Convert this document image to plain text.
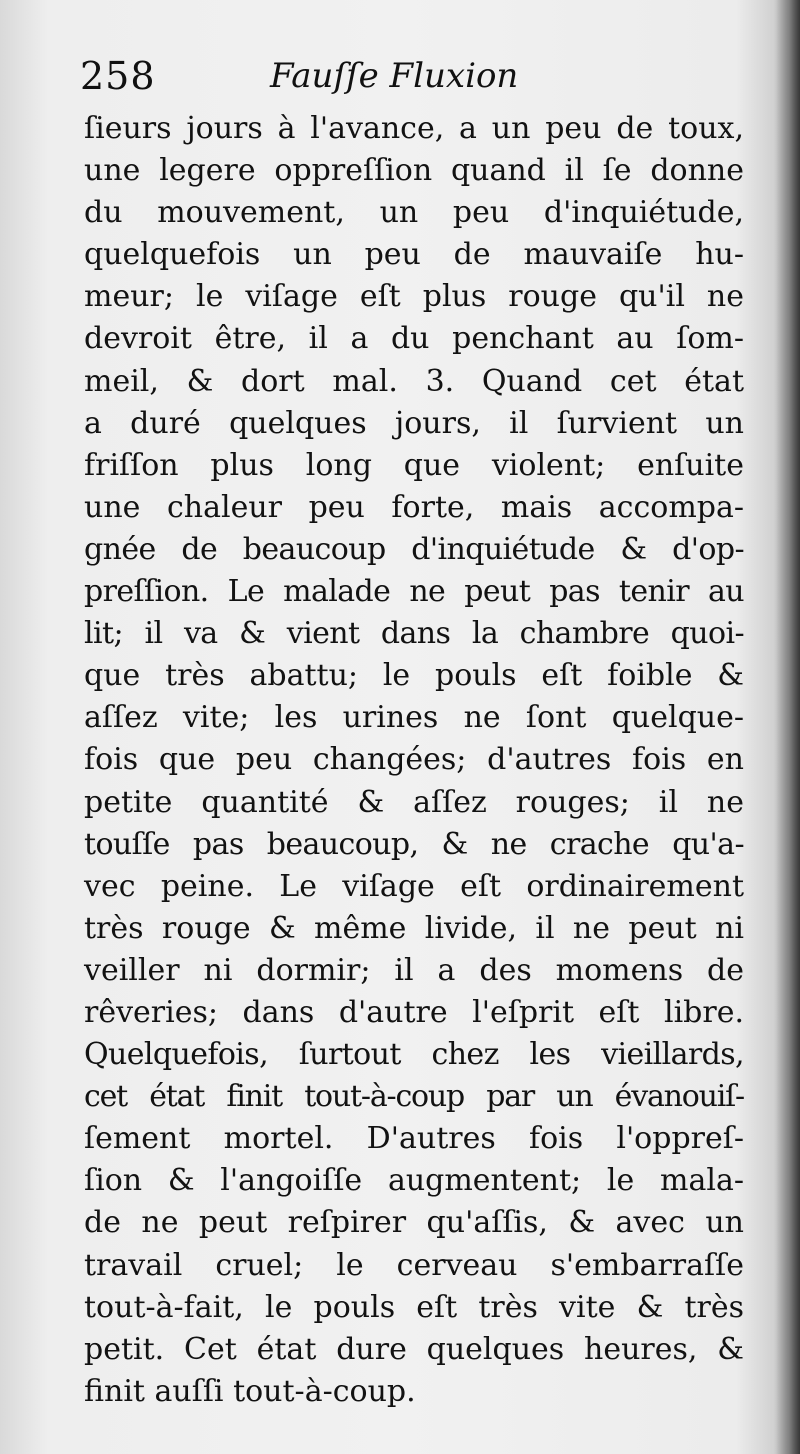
258	Fauſſe Fluxion
ſieurs jours à l'avance, a un peu de toux,
une legere oppreſſion quand il ſe donne
du mouvement, un peu d'inquiétude,
quelquefois un peu de mauvaiſe hu-
meur; le viſage eſt plus rouge qu'il ne
devroit être, il a du penchant au ſom-
meil, & dort mal. 3. Quand cet état
a duré quelques jours, il ſurvient un
friſſon plus long que violent; enſuite
une chaleur peu forte, mais accompa-
gnée de beaucoup d'inquiétude & d'op-
preſſion. Le malade ne peut pas tenir au
lit; il va & vient dans la chambre quoi-
que très abattu; le pouls eſt foible &
aſſez vite; les urines ne ſont quelque-
fois que peu changées; d'autres fois en
petite quantité & aſſez rouges; il ne
touſſe pas beaucoup, & ne crache qu'a-
vec peine. Le viſage eſt ordinairement
très rouge & même livide, il ne peut ni
veiller ni dormir; il a des momens de
rêveries; dans d'autre l'eſprit eſt libre.
Quelquefois, ſurtout chez les vieillards,
cet état finit tout-à-coup par un évanouiſ-
ſement mortel. D'autres fois l'oppreſ-
ſion & l'angoiſſe augmentent; le mala-
de ne peut reſpirer qu'aſſis, & avec un
travail cruel; le cerveau s'embarraſſe
tout-à-fait, le pouls eſt très vite & très
petit. Cet état dure quelques heures, &
finit auſſi tout-à-coup.
